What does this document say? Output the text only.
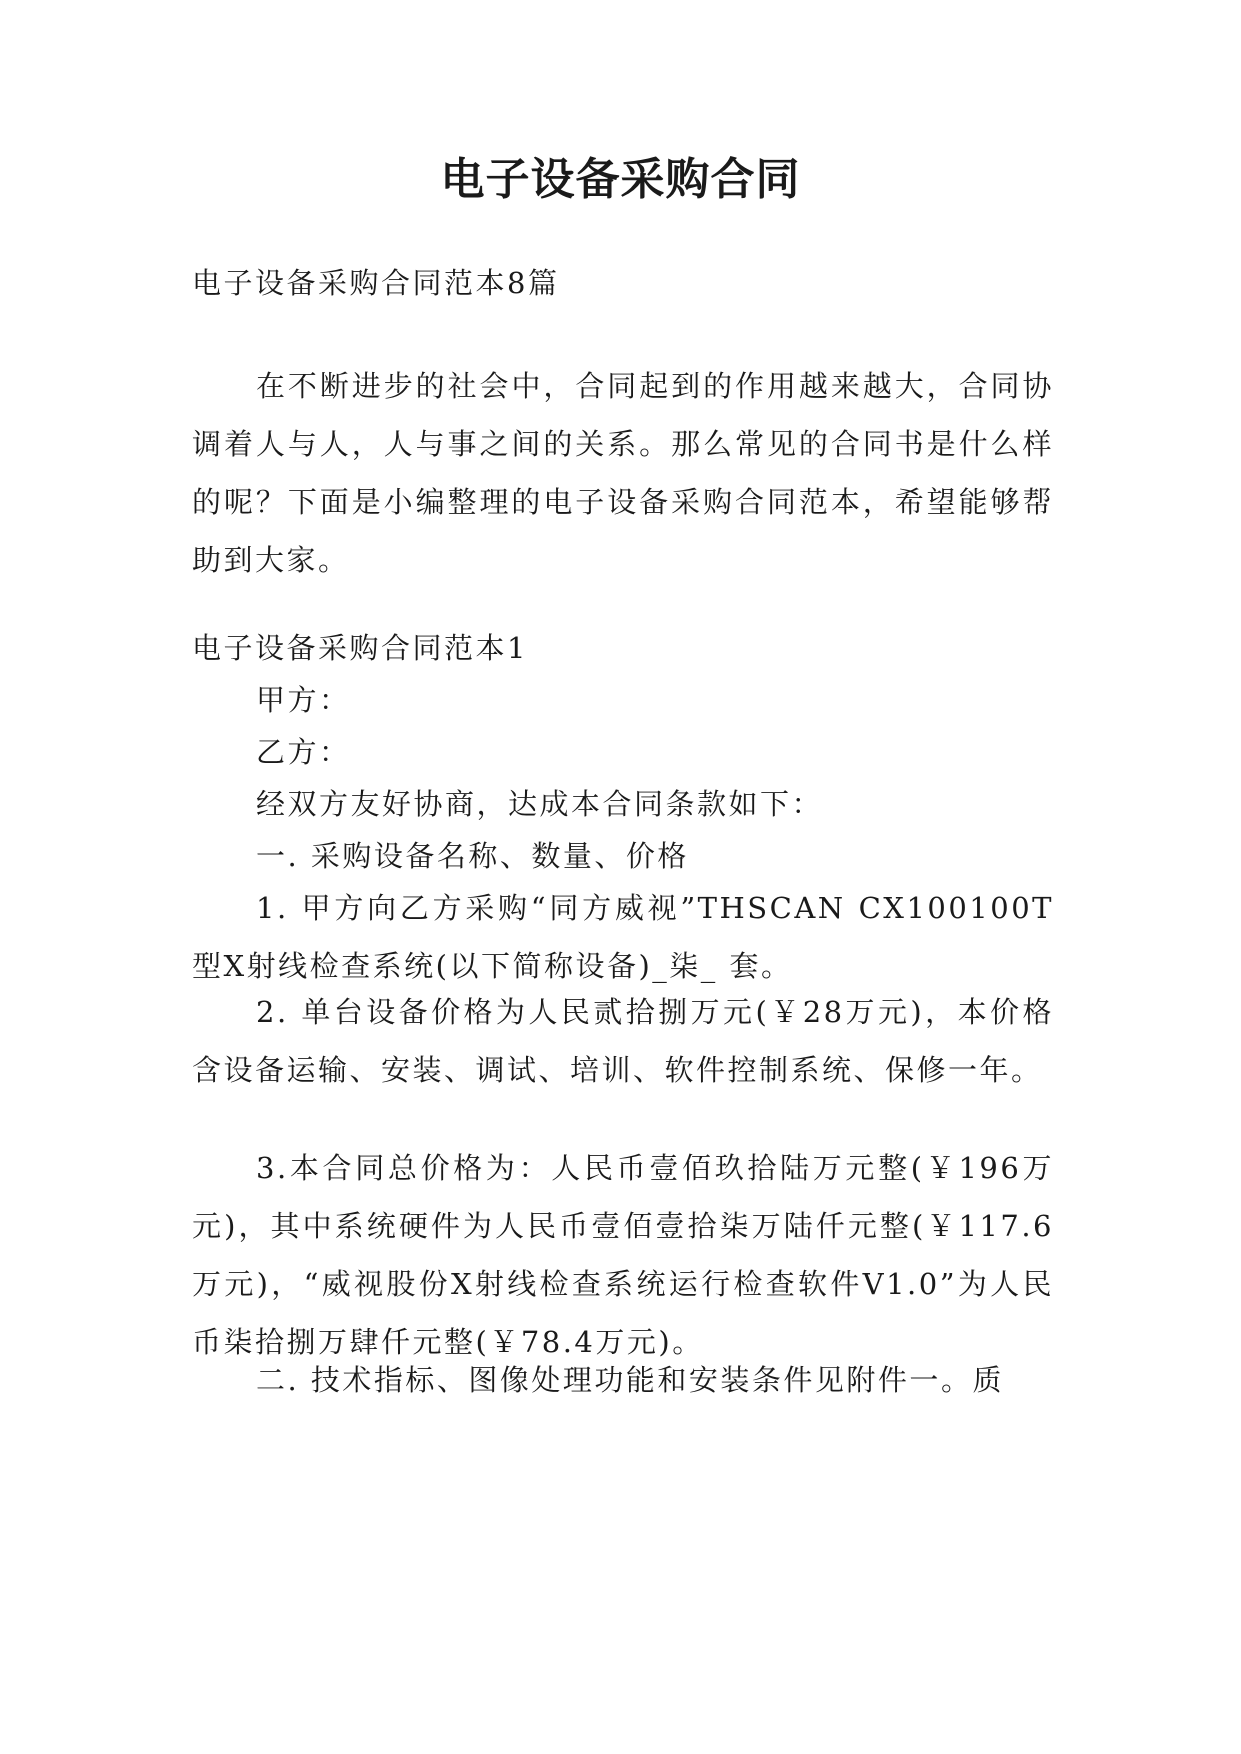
电子设备采购合同
电子设备采购合同范本8篇
在不断进步的社会中，合同起到的作用越来越大，合同协调着人与人，人与事之间的关系。那么常见的合同书是什么样的呢？下面是小编整理的电子设备采购合同范本，希望能够帮助到大家。
电子设备采购合同范本1
甲方：
乙方：
经双方友好协商，达成本合同条款如下：
一. 采购设备名称、数量、价格
1. 甲方向乙方采购“同方威视”THSCAN CX100100T 型X射线检查系统(以下简称设备)_柒_ 套。
2. 单台设备价格为人民贰拾捌万元(￥28万元)，本价格含设备运输、安装、调试、培训、软件控制系统、保修一年。
3.本合同总价格为：人民币壹佰玖拾陆万元整(￥196万元)，其中系统硬件为人民币壹佰壹拾柒万陆仟元整(￥117.6万元)，“威视股份X射线检查系统运行检查软件V1.0”为人民币柒拾捌万肆仟元整(￥78.4万元)。
二. 技术指标、图像处理功能和安装条件见附件一。质
